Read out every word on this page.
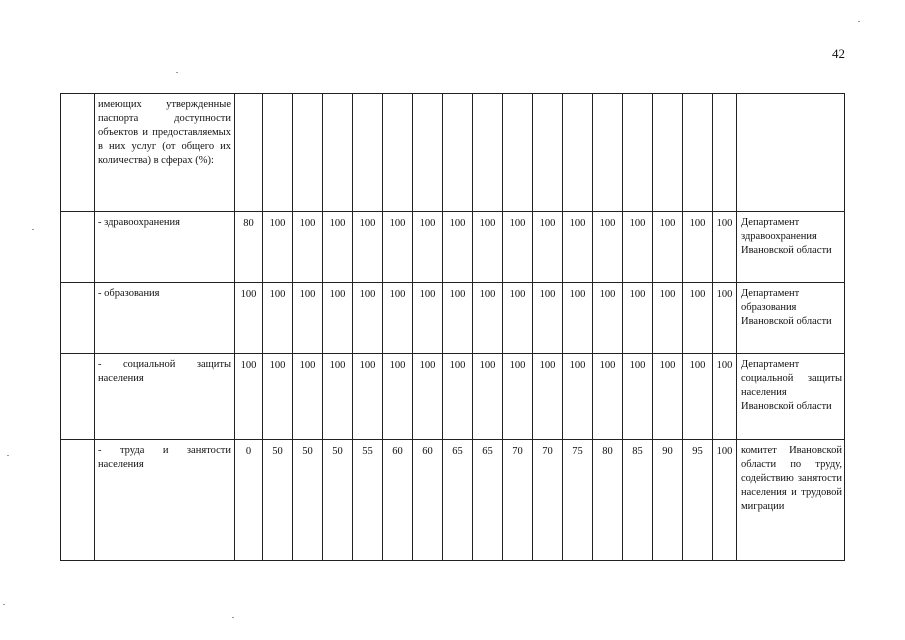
42
	имеющих утвержденные паспорта доступности объектов и предоставляемых в них услуг (от общего их количества) в сферах (%):																		
	- здравоохранения	80	100	100	100	100	100	100	100	100	100	100	100	100	100	100	100	100	Департамент здравоохранения Ивановской области
	- образования	100	100	100	100	100	100	100	100	100	100	100	100	100	100	100	100	100	Департамент образования Ивановской области
	- социальной защиты населения	100	100	100	100	100	100	100	100	100	100	100	100	100	100	100	100	100	Департамент социальной защиты населения Ивановской области
	- труда и занятости населения	0	50	50	50	55	60	60	65	65	70	70	75	80	85	90	95	100	комитет Ивановской области по труду, содействию занятости населения и трудовой миграции
